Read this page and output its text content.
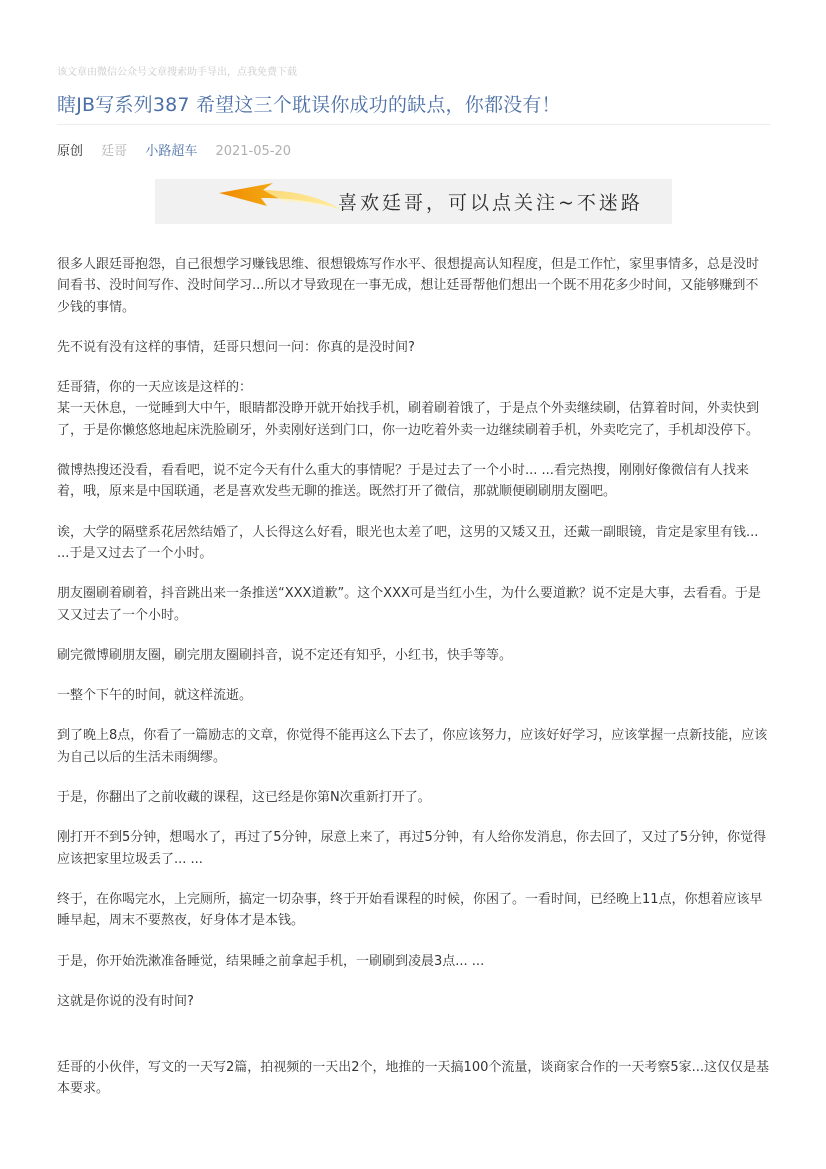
该文章由微信公众号文章搜索助手导出，点我免费下载
瞎JB写系列387 希望这三个耽误你成功的缺点，你都没有！
原创 廷哥 小路超车 2021-05-20
喜欢廷哥，可以点关注~不迷路

很多人跟廷哥抱怨，自己很想学习赚钱思维、很想锻炼写作水平、很想提高认知程度，但是工作忙，家里事情多，总是没时间看书、没时间写作、没时间学习...所以才导致现在一事无成，想让廷哥帮他们想出一个既不用花多少时间，又能够赚到不少钱的事情。

先不说有没有这样的事情，廷哥只想问一问：你真的是没时间?

廷哥猜，你的一天应该是这样的：
某一天休息，一觉睡到大中午，眼睛都没睁开就开始找手机，刷着刷着饿了，于是点个外卖继续刷，估算着时间，外卖快到了，于是你懒悠悠地起床洗脸刷牙，外卖刚好送到门口，你一边吃着外卖一边继续刷着手机，外卖吃完了，手机却没停下。

微博热搜还没看，看看吧，说不定今天有什么重大的事情呢？于是过去了一个小时... ...看完热搜，刚刚好像微信有人找来着，哦，原来是中国联通，老是喜欢发些无聊的推送。既然打开了微信，那就顺便刷刷朋友圈吧。

诶，大学的隔壁系花居然结婚了，人长得这么好看，眼光也太差了吧，这男的又矮又丑，还戴一副眼镜，肯定是家里有钱... ...于是又过去了一个小时。

朋友圈刷着刷着，抖音跳出来一条推送“XXX道歉”。这个XXX可是当红小生，为什么要道歉？说不定是大事，去看看。于是又又过去了一个小时。

刷完微博刷朋友圈，刷完朋友圈刷抖音，说不定还有知乎，小红书，快手等等。

一整个下午的时间，就这样流逝。

到了晚上8点，你看了一篇励志的文章，你觉得不能再这么下去了，你应该努力，应该好好学习，应该掌握一点新技能，应该为自己以后的生活未雨绸缪。

于是，你翻出了之前收藏的课程，这已经是你第N次重新打开了。

刚打开不到5分钟，想喝水了，再过了5分钟，尿意上来了，再过5分钟，有人给你发消息，你去回了，又过了5分钟，你觉得应该把家里垃圾丢了... ...

终于，在你喝完水，上完厕所，搞定一切杂事，终于开始看课程的时候，你困了。一看时间，已经晚上11点，你想着应该早睡早起，周末不要熬夜，好身体才是本钱。

于是，你开始洗漱准备睡觉，结果睡之前拿起手机，一刷刷到凌晨3点... ...

这就是你说的没有时间?

廷哥的小伙伴，写文的一天写2篇，拍视频的一天出2个，地推的一天搞100个流量，谈商家合作的一天考察5家...这仅仅是基本要求。
